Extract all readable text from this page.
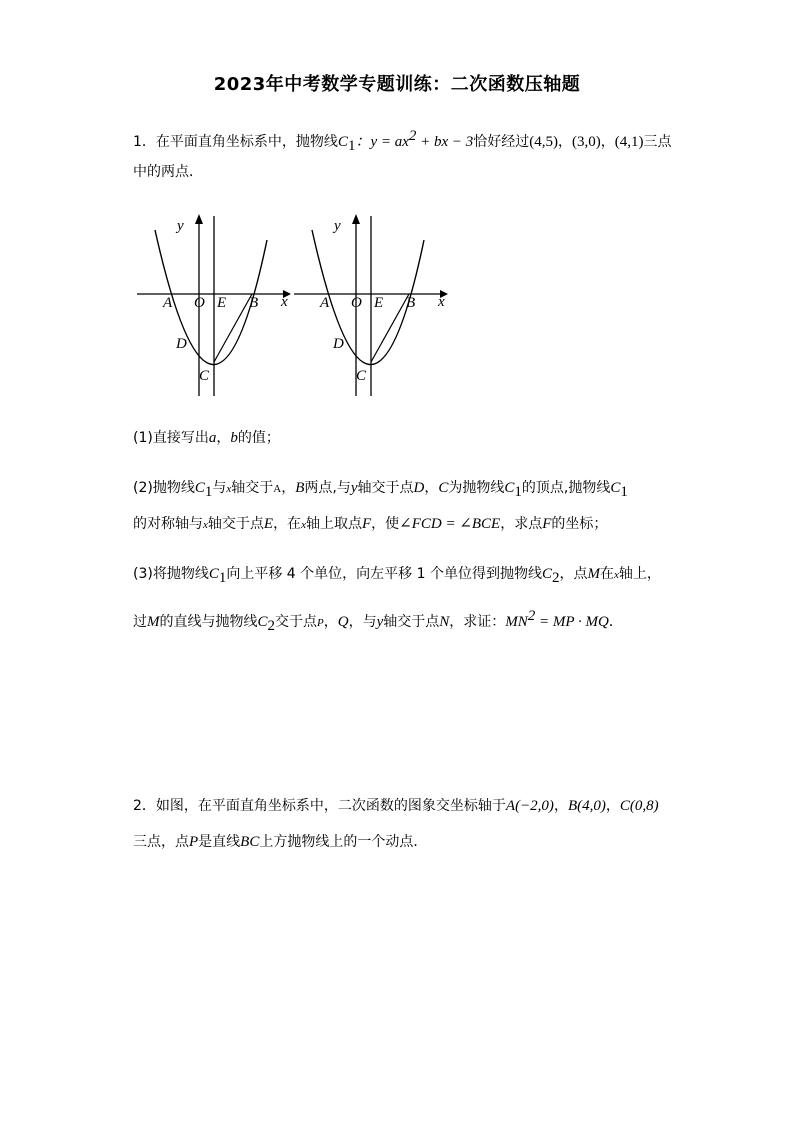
2023年中考数学专题训练：二次函数压轴题
1．在平面直角坐标系中，抛物线$C_1$：$y = ax^2$ + bx − 3恰好经过(4,5)，(3,0)，(4,1)三点
中的两点．
y
x
A O E B
D
C
y
x
A O E B
D
C
(1)直接写出a，b的值；
(2)抛物线$C_1$与x轴交于A，B两点,与y轴交于点D，C为抛物线$C_1$的顶点,抛物线$C_1$
的对称轴与x轴交于点E，在x轴上取点F，使∠FCD = ∠BCE，求点F的坐标；
(3)将抛物线$C_1$向上平移 4 个单位，向左平移 1 个单位得到抛物线$C_2$，点M在x轴上，
过M的直线与抛物线$C_2$交于点P，Q，与y轴交于点N，求证：$MN^2$ = MP · MQ．
2．如图，在平面直角坐标系中，二次函数的图象交坐标轴于A(−2,0)，B(4,0)，C(0,8)
三点，点P是直线BC上方抛物线上的一个动点．
